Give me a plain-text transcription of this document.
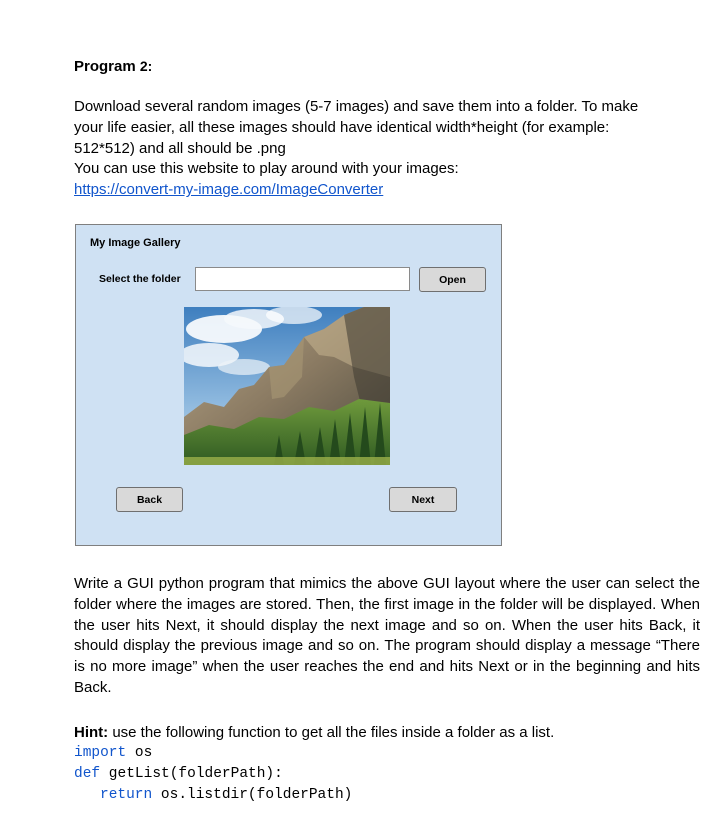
Program 2:
Download several random images (5-7 images) and save them into a folder. To make
your life easier, all these images should have identical width*height (for example:
512*512) and all should be .png
You can use this website to play around with your images:
https://convert-my-image.com/ImageConverter
My Image Gallery
Select the folder	Open
Back	Next
Write a GUI python program that mimics the above GUI layout where the user can select the folder where the images are stored. Then, the first image in the folder will be displayed. When the user hits Next, it should display the next image and so on. When the user hits Back, it should display the previous image and so on. The program should display a message “There is no more image” when the user reaches the end and hits Next or in the beginning and hits Back.
Hint: use the following function to get all the files inside a folder as a list.
import os
def getList(folderPath):
return os.listdir(folderPath)
